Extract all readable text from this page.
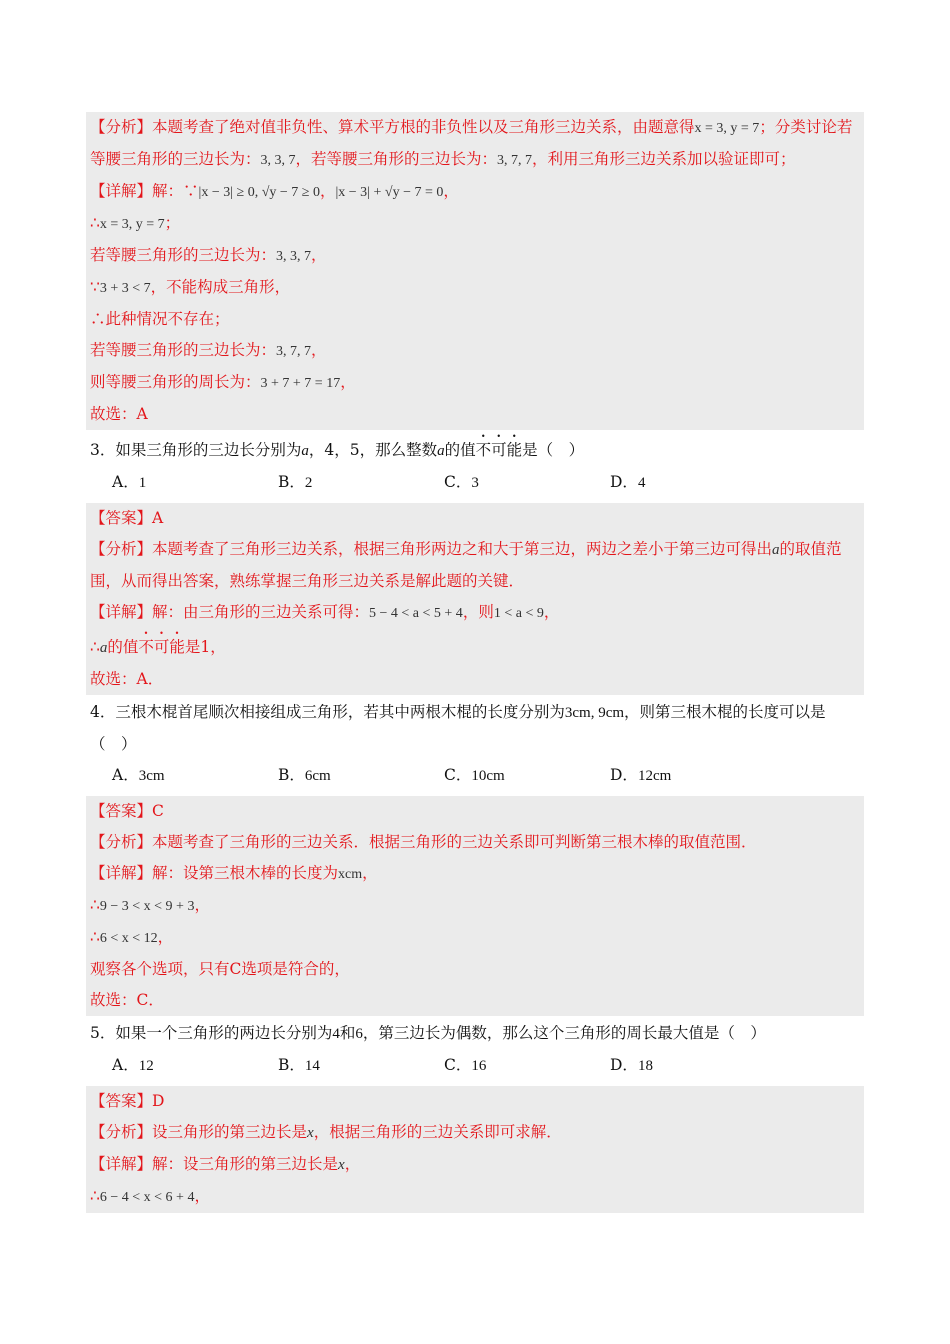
【分析】本题考查了绝对值非负性、算术平方根的非负性以及三角形三边关系，由题意得x = 3, y = 7；分类讨论若等腰三角形的三边长为：3, 3, 7，若等腰三角形的三边长为：3, 7, 7，利用三角形三边关系加以验证即可；
【详解】解：∵|x − 3| ≥ 0, √y − 7 ≥ 0，|x − 3| + √y − 7 = 0，
∴x = 3, y = 7；
若等腰三角形的三边长为：3, 3, 7，
∵3 + 3 < 7，不能构成三角形，
∴此种情况不存在；
若等腰三角形的三边长为：3, 7, 7，
则等腰三角形的周长为：3 + 7 + 7 = 17，
故选：A
3．如果三角形的三边长分别为a，4，5，那么整数a的值不可能是（　）
A．1	B．2	C．3	D．4
【答案】A
【分析】本题考查了三角形三边关系，根据三角形两边之和大于第三边，两边之差小于第三边可得出a的取值范围，从而得出答案，熟练掌握三角形三边关系是解此题的关键．
【详解】解：由三角形的三边关系可得：5 − 4 < a < 5 + 4，则1 < a < 9，
∴a的值不可能是1，
故选：A．
4．三根木棍首尾顺次相接组成三角形，若其中两根木棍的长度分别为3cm, 9cm，则第三根木棍的长度可以是（　）
A．3cm	B．6cm	C．10cm	D．12cm
【答案】C
【分析】本题考查了三角形的三边关系．根据三角形的三边关系即可判断第三根木棒的取值范围．
【详解】解：设第三根木棒的长度为xcm，
∴9 − 3 < x < 9 + 3，
∴6 < x < 12，
观察各个选项，只有C选项是符合的，
故选：C．
5．如果一个三角形的两边长分别为4和6，第三边长为偶数，那么这个三角形的周长最大值是（　）
A．12	B．14	C．16	D．18
【答案】D
【分析】设三角形的第三边长是x，根据三角形的三边关系即可求解．
【详解】解：设三角形的第三边长是x，
∴6 − 4 < x < 6 + 4，
